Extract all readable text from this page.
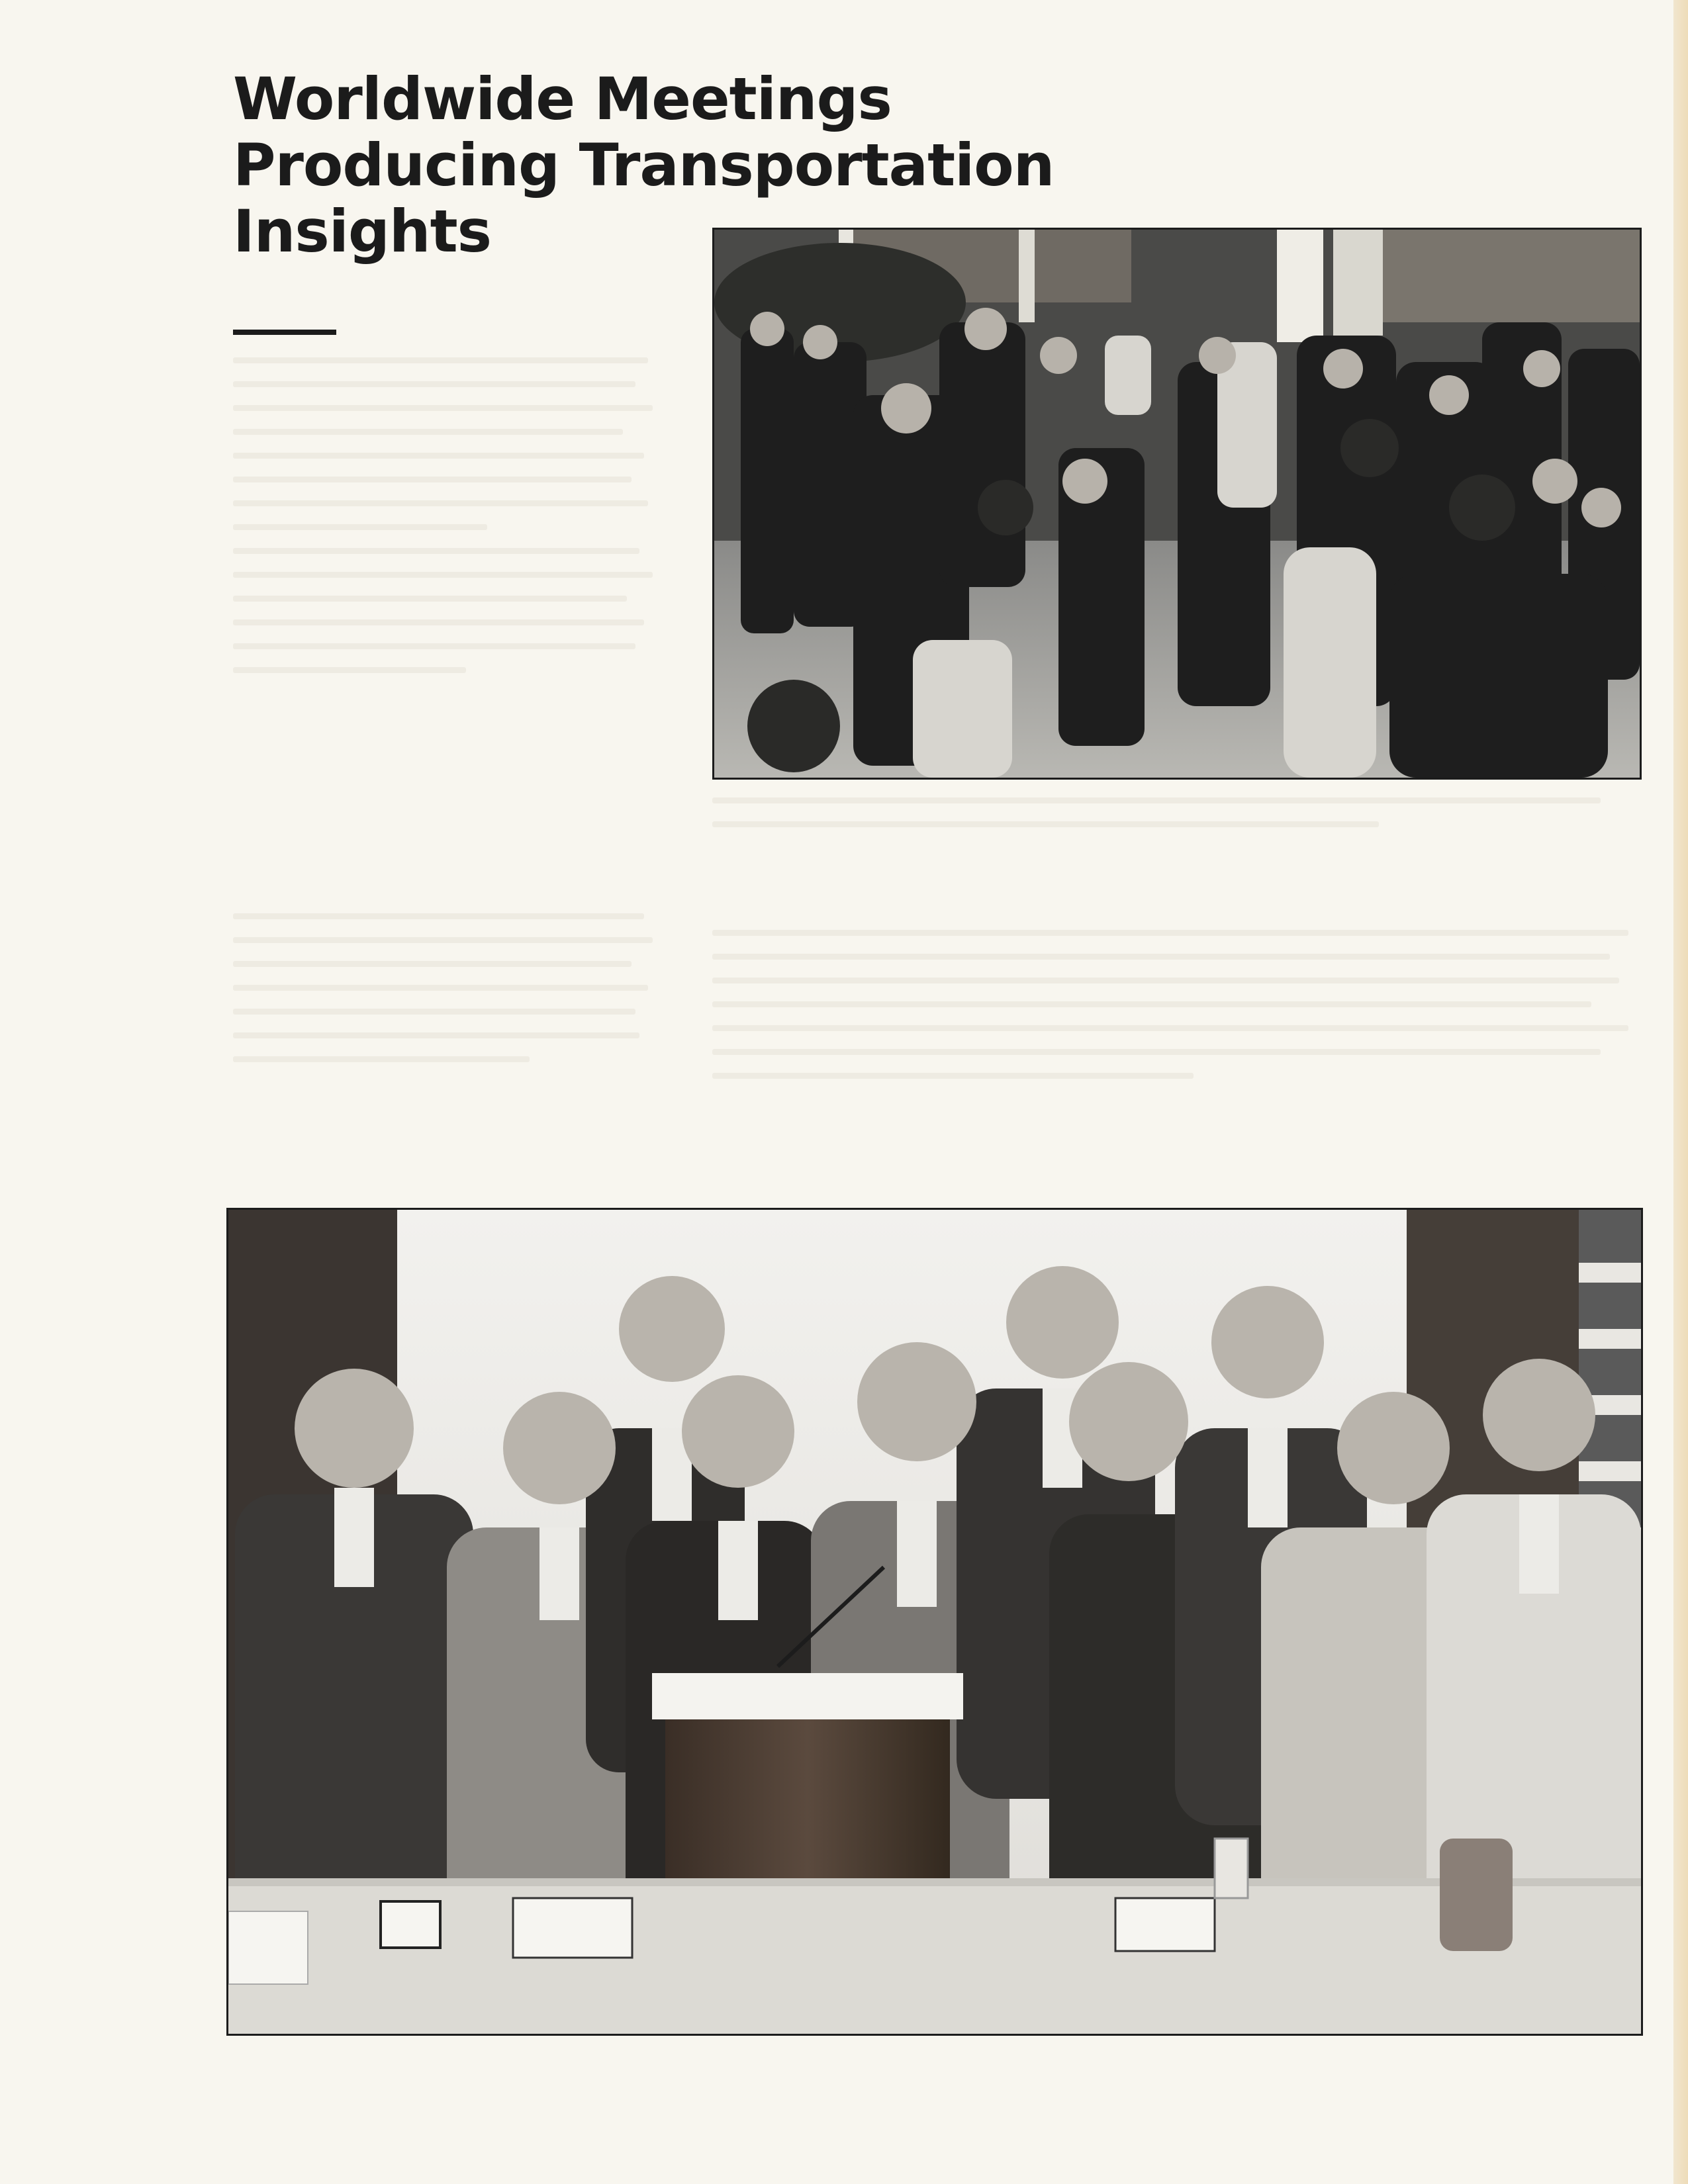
Worldwide Meetings
Producing Transportation
Insights
